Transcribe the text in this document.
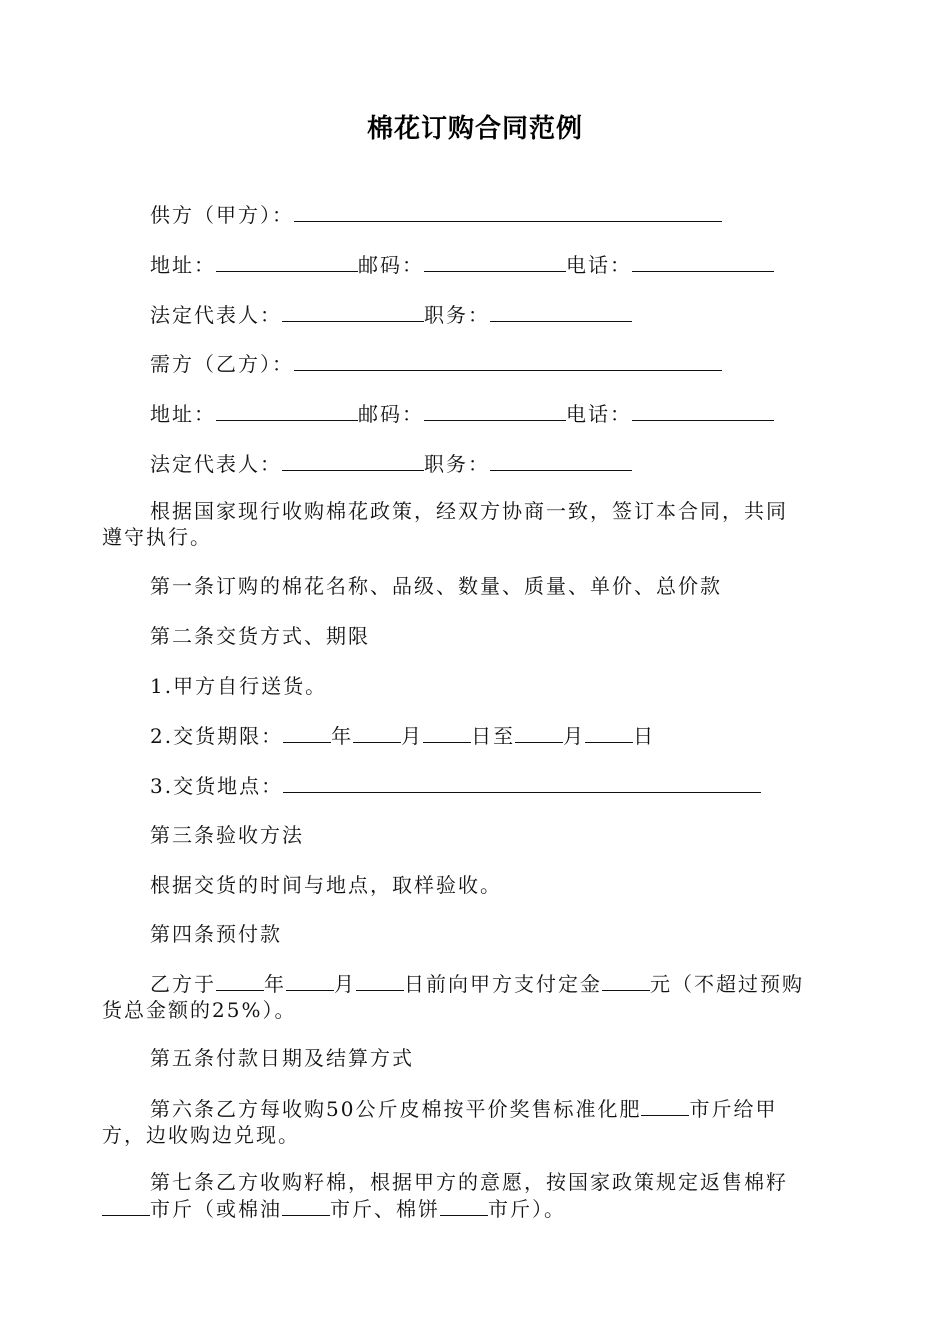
棉花订购合同范例
供方（甲方）：
地址：	邮码：	电话：
法定代表人：	职务：
需方（乙方）：
地址：	邮码：	电话：
法定代表人：	职务：
根据国家现行收购棉花政策，经双方协商一致，签订本合同，共同
遵守执行。
第一条订购的棉花名称、品级、数量、质量、单价、总价款
第二条交货方式、期限
1.甲方自行送货。
2.交货期限： 年 月 日至 月 日
3.交货地点：
第三条验收方法
根据交货的时间与地点，取样验收。
第四条预付款
乙方于 年 月 日前向甲方支付定金 元（不超过预购
货总金额的25%）。
第五条付款日期及结算方式
第六条乙方每收购50公斤皮棉按平价奖售标准化肥 市斤给甲
方，边收购边兑现。
第七条乙方收购籽棉，根据甲方的意愿，按国家政策规定返售棉籽
市斤（或棉油 市斤、棉饼 市斤）。
